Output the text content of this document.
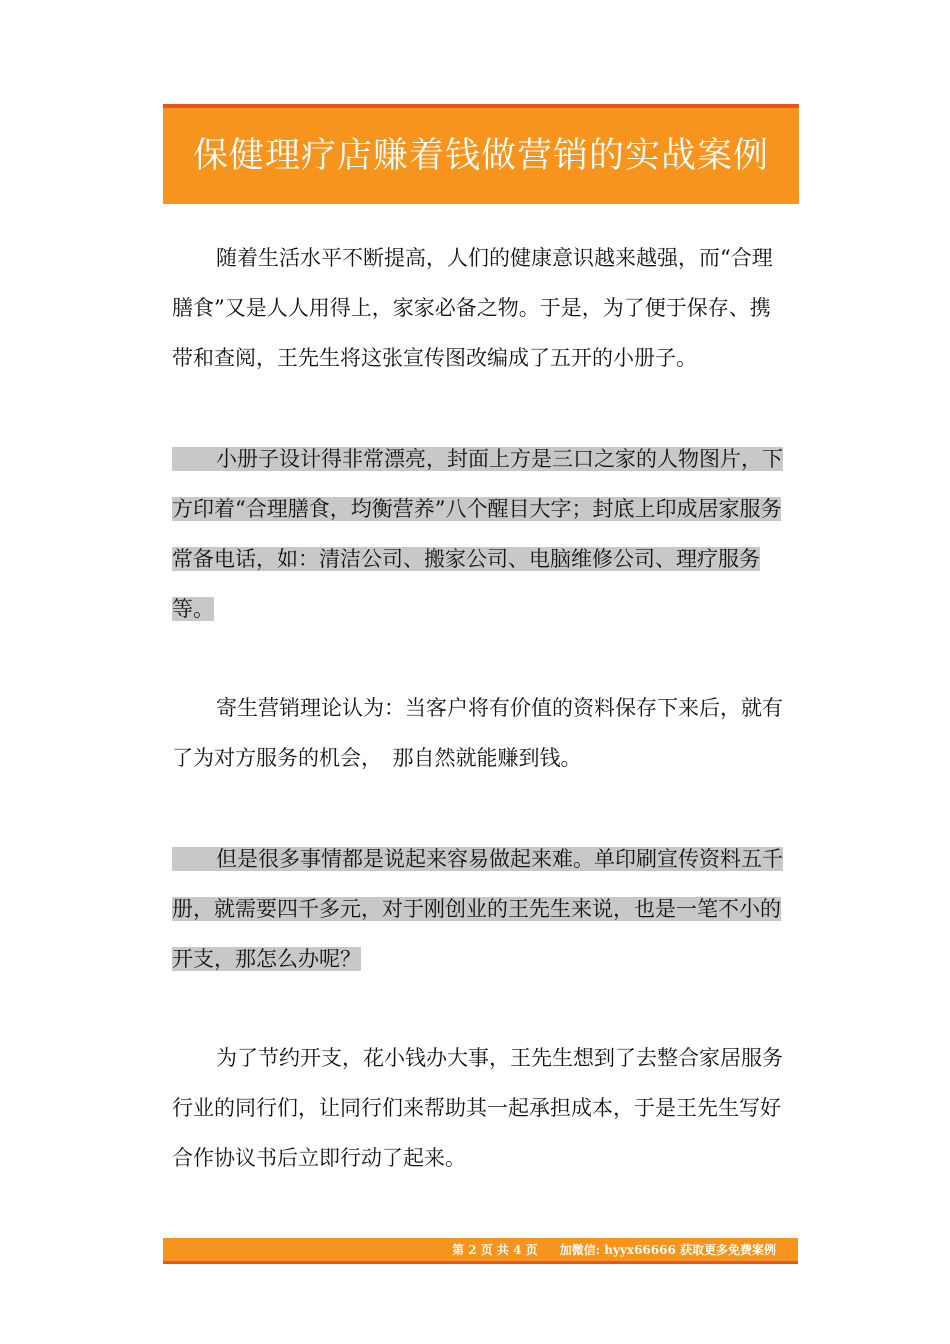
保健理疗店赚着钱做营销的实战案例

随着生活水平不断提高，人们的健康意识越来越强，而“合理膳食”又是人人用得上，家家必备之物。于是，为了便于保存、携带和查阅，王先生将这张宣传图改编成了五开的小册子。

小册子设计得非常漂亮，封面上方是三口之家的人物图片，下方印着“合理膳食，均衡营养”八个醒目大字；封底上印成居家服务常备电话，如：清洁公司、搬家公司、电脑维修公司、理疗服务等。

寄生营销理论认为：当客户将有价值的资料保存下来后，就有了为对方服务的机会，　那自然就能赚到钱。

但是很多事情都是说起来容易做起来难。单印刷宣传资料五千册，就需要四千多元，对于刚创业的王先生来说，也是一笔不小的开支，那怎么办呢？

为了节约开支，花小钱办大事，王先生想到了去整合家居服务行业的同行们，让同行们来帮助其一起承担成本，于是王先生写好合作协议书后立即行动了起来。

第 2 页 共 4 页 加微信: hyyx66666 获取更多免费案例
